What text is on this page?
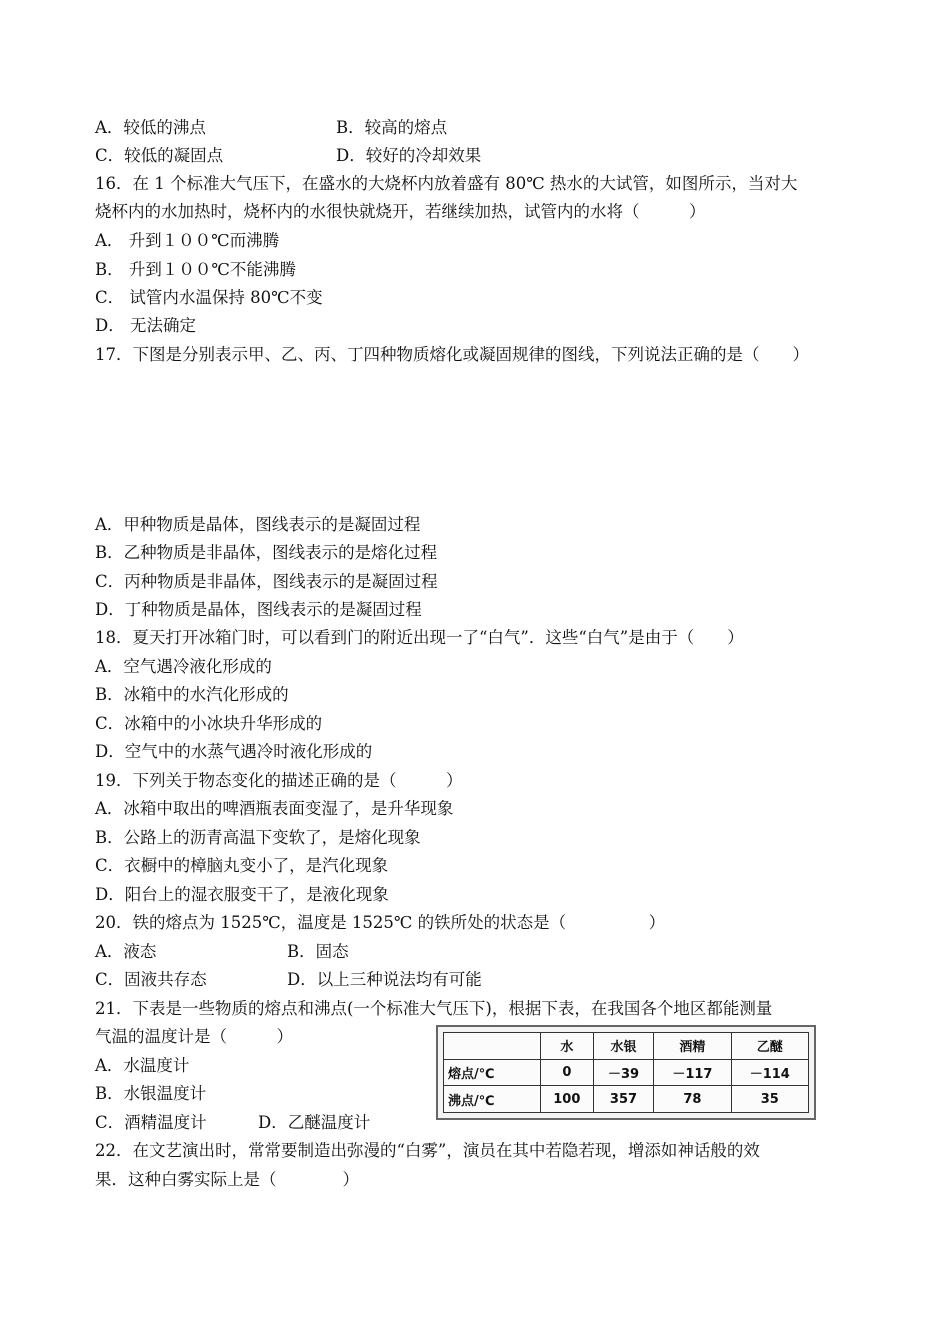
A．较低的沸点	B．较高的熔点
C．较低的凝固点	D．较好的冷却效果
16．在 1 个标准大气压下，在盛水的大烧杯内放着盛有 80℃ 热水的大试管，如图所示，当对大
烧杯内的水加热时，烧杯内的水很快就烧开，若继续加热，试管内的水将（　　　）
A． 升到１００℃而沸腾
B． 升到１００℃不能沸腾
C． 试管内水温保持 80℃不变
D． 无法确定
17．下图是分别表示甲、乙、丙、丁四种物质熔化或凝固规律的图线，下列说法正确的是（　　）
A．甲种物质是晶体，图线表示的是凝固过程
B．乙种物质是非晶体，图线表示的是熔化过程
C．丙种物质是非晶体，图线表示的是凝固过程
D．丁种物质是晶体，图线表示的是凝固过程
18．夏天打开冰箱门时，可以看到门的附近出现一了“白气”．这些“白气”是由于（　　）
A．空气遇冷液化形成的
B．冰箱中的水汽化形成的
C．冰箱中的小冰块升华形成的
D．空气中的水蒸气遇冷时液化形成的
19．下列关于物态变化的描述正确的是（　　　）
A．冰箱中取出的啤酒瓶表面变湿了，是升华现象
B．公路上的沥青高温下变软了，是熔化现象
C．衣橱中的樟脑丸变小了，是汽化现象
D．阳台上的湿衣服变干了，是液化现象
20．铁的熔点为 1525℃，温度是 1525℃ 的铁所处的状态是（　　　　　）
A．液态	B．固态
C．固液共存态	D．以上三种说法均有可能
21．下表是一些物质的熔点和沸点(一个标准大气压下)，根据下表，在我国各个地区都能测量
气温的温度计是（　　　）
A．水温度计
B．水银温度计
C．酒精温度计	D．乙醚温度计
	水	水银	酒精	乙醚
熔点/℃	0	－39	－117	－114
沸点/℃	100	357	78	35
22．在文艺演出时，常常要制造出弥漫的“白雾”，演员在其中若隐若现，增添如神话般的效
果．这种白雾实际上是（　　　　）
